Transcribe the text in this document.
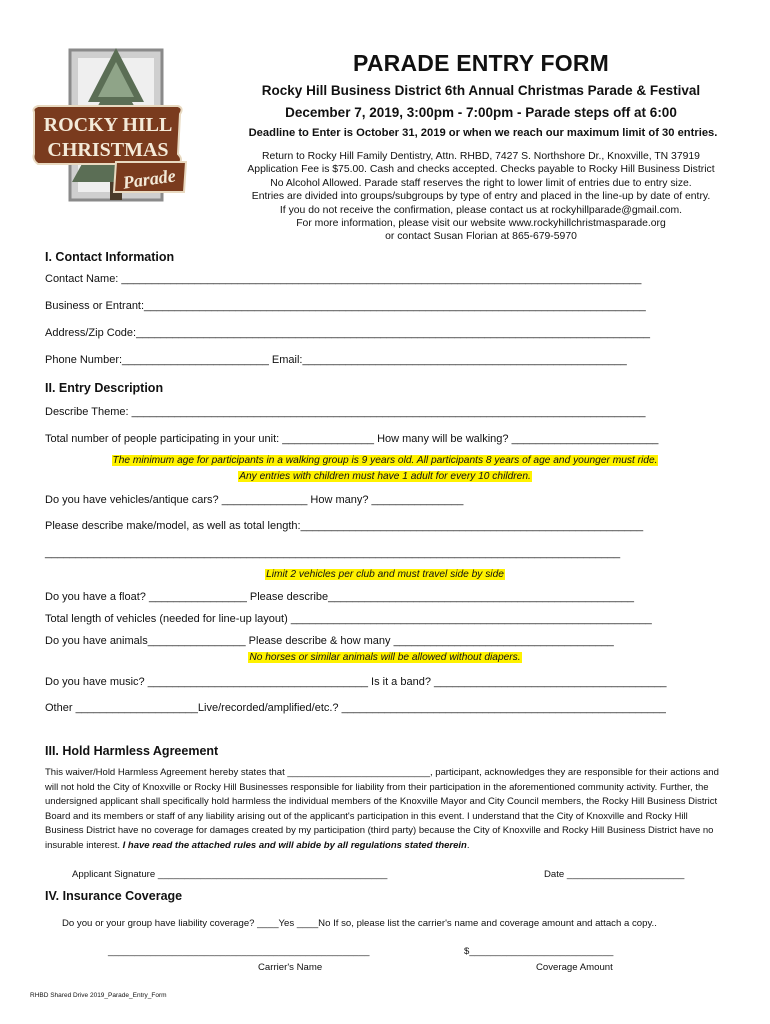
ROCKY HILL
CHRISTMAS
Parade
PARADE ENTRY FORM
Rocky Hill Business District 6th Annual Christmas Parade & Festival
December 7, 2019, 3:00pm - 7:00pm - Parade steps off at 6:00
Deadline to Enter is October 31, 2019 or when we reach our maximum limit of 30 entries.
Return to Rocky Hill Family Dentistry, Attn. RHBD, 7427 S. Northshore Dr., Knoxville, TN 37919
Application Fee is $75.00. Cash and checks accepted. Checks payable to Rocky Hill Business District
No Alcohol Allowed. Parade staff reserves the right to lower limit of entries due to entry size.
Entries are divided into groups/subgroups by type of entry and placed in the line-up by date of entry.
If you do not receive the confirmation, please contact us at rockyhillparade@gmail.com.
For more information, please visit our website www.rockyhillchristmasparade.org
or contact Susan Florian at 865-679-5970
I. Contact Information
Contact Name: _____________________________________________________________________________________
Business or Entrant:__________________________________________________________________________________
Address/Zip Code:____________________________________________________________________________________
Phone Number:________________________ Email:_____________________________________________________
II. Entry Description
Describe Theme: ____________________________________________________________________________________
Total number of people participating in your unit: _______________ How many will be walking? ________________________
The minimum age for participants in a walking group is 9 years old. All participants 8 years of age and younger must ride.
Any entries with children must have 1 adult for every 10 children.
Do you have vehicles/antique cars? ______________ How many? _______________
Please describe make/model, as well as total length:________________________________________________________
______________________________________________________________________________________________
Limit 2 vehicles per club and must travel side by side
Do you have a float? ________________ Please describe__________________________________________________
Total length of vehicles (needed for line-up layout) ___________________________________________________________
Do you have animals________________ Please describe & how many ____________________________________
No horses or similar animals will be allowed without diapers.
Do you have music? ____________________________________ Is it a band? ______________________________________
Other ____________________Live/recorded/amplified/etc.? _____________________________________________________
III. Hold Harmless Agreement
This waiver/Hold Harmless Agreement hereby states that ___________________________, participant, acknowledges they are responsible for their actions and will not hold the City of Knoxville or Rocky Hill Businesses responsible for liability from their participation in the aforementioned community activity. Further, the undersigned applicant shall specifically hold harmless the individual members of the Knoxville Mayor and City Council members, the Rocky Hill Business District Board and its members or staff of any liability arising out of the applicant's participation in this event. I understand that the City of Knoxville and Rocky Hill Business District have no coverage for damages created by my participation (third party) because the City of Knoxville and Rocky Hill Business District have no insurable interest. I have read the attached rules and will abide by all regulations stated therein.
Applicant Signature ___________________________________________	Date ______________________
IV. Insurance Coverage
Do you or your group have liability coverage? ____Yes ____No If so, please list the carrier's name and coverage amount and attach a copy..
_________________________________________________	$___________________________
Carrier's Name	Coverage Amount
RHBD Shared Drive 2019_Parade_Entry_Form
